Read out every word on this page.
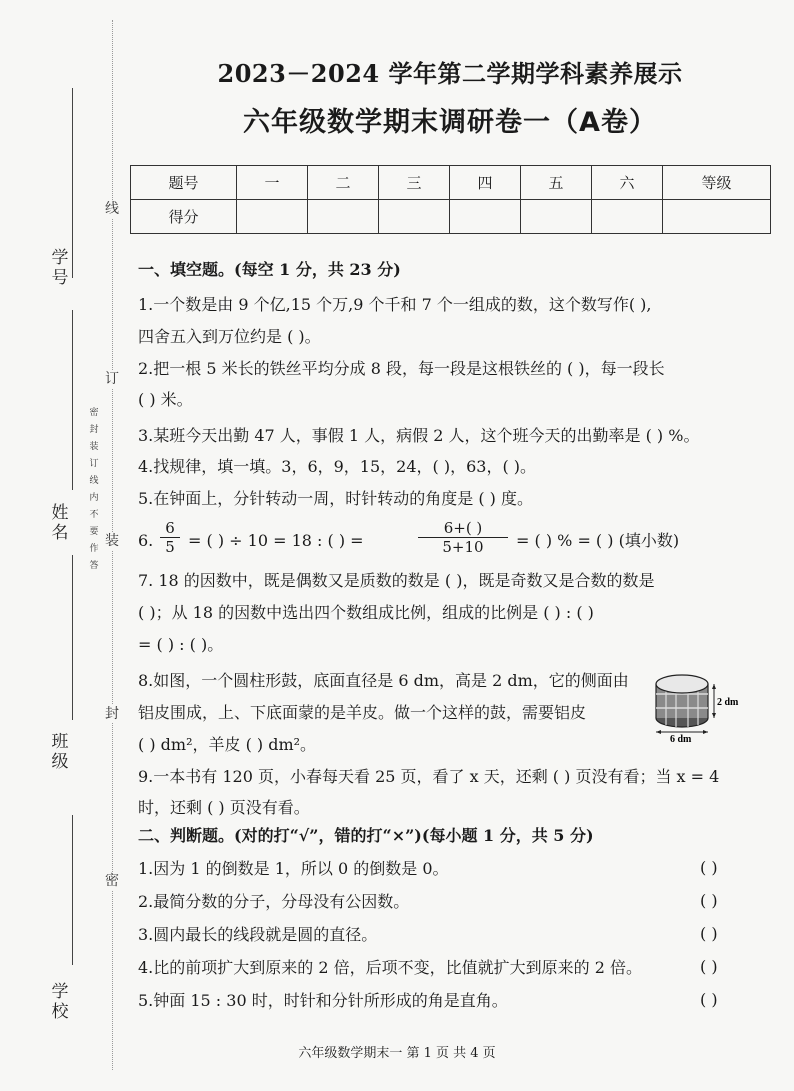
学号
姓名
班级
学校
线
订
装
封
密
密封装订线内不要作答
2023－2024 学年第二学期学科素养展示
六年级数学期末调研卷一（A卷）
题号	一	二	三	四	五	六	等级
得分							
一、填空题。(每空 1 分，共 23 分)
1.一个数是由 9 个亿,15 个万,9 个千和 7 个一组成的数，这个数写作( ),
四舍五入到万位约是 ( )。
2.把一根 5 米长的铁丝平均分成 8 段，每一段是这根铁丝的 ( )，每一段长
( ) 米。
3.某班今天出勤 47 人，事假 1 人，病假 2 人，这个班今天的出勤率是 ( ) %。
4.找规律，填一填。3，6，9，15，24，( )，63，( )。
5.在钟面上，分针转动一周，时针转动的角度是 ( ) 度。
6. $\frac{6}{5}$ = ( ) ÷ 10 = 18 : ( ) =	$\frac{6+( )}{5+10}$ = ( ) % = ( ) (填小数)
7. 18 的因数中，既是偶数又是质数的数是 ( )，既是奇数又是合数的数是
( )；从 18 的因数中选出四个数组成比例，组成的比例是 ( ) : ( )
= ( ) : ( )。
8.如图，一个圆柱形鼓，底面直径是 6 dm，高是 2 dm，它的侧面由
铝皮围成，上、下底面蒙的是羊皮。做一个这样的鼓，需要铝皮
( ) dm²，羊皮 ( ) dm²。
9.一本书有 120 页，小春每天看 25 页，看了 x 天，还剩 ( ) 页没有看；当 x = 4
时，还剩 ( ) 页没有看。
2 dm
6 dm
二、判断题。(对的打“√”，错的打“×”)(每小题 1 分，共 5 分)
1.因为 1 的倒数是 1，所以 0 的倒数是 0。	( )
2.最简分数的分子，分母没有公因数。	( )
3.圆内最长的线段就是圆的直径。	( )
4.比的前项扩大到原来的 2 倍，后项不变，比值就扩大到原来的 2 倍。	( )
5.钟面 15 : 30 时，时针和分针所形成的角是直角。	( )
六年级数学期末一 第 1 页 共 4 页
